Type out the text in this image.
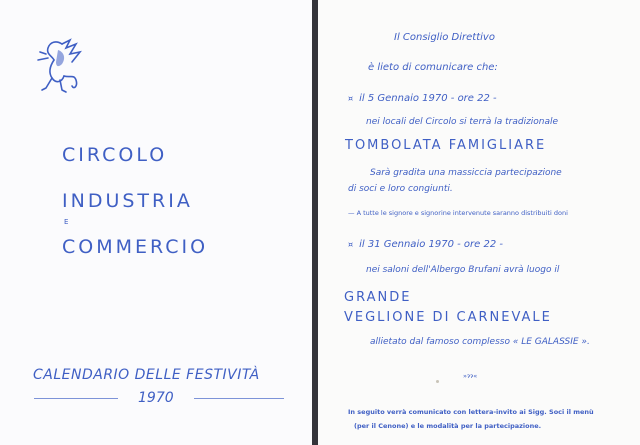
CIRCOLO
INDUSTRIA
E
COMMERCIO
CALENDARIO DELLE FESTIVITÀ
1970
Il Consiglio Direttivo
è lieto di comunicare che:
¤ il 5 Gennaio 1970 - ore 22 -
nei locali del Circolo si terrà la tradizionale
TOMBOLATA FAMIGLIARE
Sarà gradita una massiccia partecipazione
di soci e loro congiunti.
— A tutte le signore e signorine intervenute saranno distribuiti doni
¤ il 31 Gennaio 1970 - ore 22 -
nei saloni dell'Albergo Brufani avrà luogo il
GRANDE
VEGLIONE DI CARNEVALE
allietato dal famoso complesso « LE GALASSIE ».
»ɂɂ«
In seguito verrà comunicato con lettera-invito ai Sigg. Soci il menù
(per il Cenone) e le modalità per la partecipazione.
